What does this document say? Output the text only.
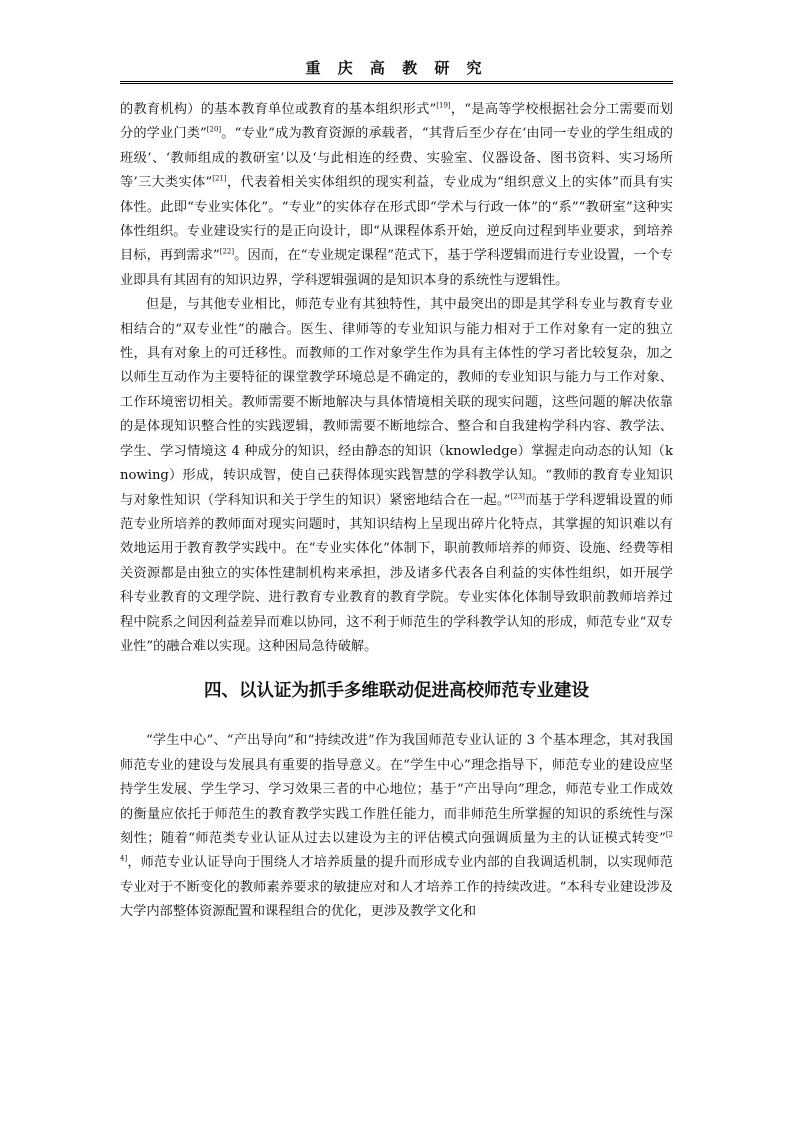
重 庆 高 教 研 究

的教育机构）的基本教育单位或教育的基本组织形式”[19]，“是高等学校根据社会分工需要而划分的学业门类”[20]。“专业”成为教育资源的承载者，“其背后至少存在‘由同一专业的学生组成的班级’、‘教师组成的教研室’以及‘与此相连的经费、实验室、仪器设备、图书资料、实习场所等’三大类实体”[21]，代表着相关实体组织的现实利益，专业成为“组织意义上的实体”而具有实体性。此即“专业实体化”。“专业”的实体存在形式即“学术与行政一体”的“系”“教研室”这种实体性组织。专业建设实行的是正向设计，即“从课程体系开始，逆反向过程到毕业要求，到培养目标，再到需求”[22]。因而，在“专业规定课程”范式下，基于学科逻辑而进行专业设置，一个专业即具有其固有的知识边界，学科逻辑强调的是知识本身的系统性与逻辑性。

但是，与其他专业相比，师范专业有其独特性，其中最突出的即是其学科专业与教育专业相结合的“双专业性”的融合。医生、律师等的专业知识与能力相对于工作对象有一定的独立性，具有对象上的可迁移性。而教师的工作对象学生作为具有主体性的学习者比较复杂，加之以师生互动作为主要特征的课堂教学环境总是不确定的，教师的专业知识与能力与工作对象、工作环境密切相关。教师需要不断地解决与具体情境相关联的现实问题，这些问题的解决依靠的是体现知识整合性的实践逻辑，教师需要不断地综合、整合和自我建构学科内容、教学法、学生、学习情境这 4 种成分的知识，经由静态的知识（knowledge）掌握走向动态的认知（knowing）形成，转识成智，使自己获得体现实践智慧的学科教学认知。“教师的教育专业知识与对象性知识（学科知识和关于学生的知识）紧密地结合在一起。”[23]而基于学科逻辑设置的师范专业所培养的教师面对现实问题时，其知识结构上呈现出碎片化特点，其掌握的知识难以有效地运用于教育教学实践中。在“专业实体化”体制下，职前教师培养的师资、设施、经费等相关资源都是由独立的实体性建制机构来承担，涉及诸多代表各自利益的实体性组织，如开展学科专业教育的文理学院、进行教育专业教育的教育学院。专业实体化体制导致职前教师培养过程中院系之间因利益差异而难以协同，这不利于师范生的学科教学认知的形成，师范专业“双专业性”的融合难以实现。这种困局急待破解。

四、以认证为抓手多维联动促进高校师范专业建设

“学生中心”、“产出导向”和“持续改进”作为我国师范专业认证的 3 个基本理念，其对我国师范专业的建设与发展具有重要的指导意义。在“学生中心”理念指导下，师范专业的建设应坚持学生发展、学生学习、学习效果三者的中心地位；基于“产出导向”理念，师范专业工作成效的衡量应依托于师范生的教育教学实践工作胜任能力，而非师范生所掌握的知识的系统性与深刻性；随着“师范类专业认证从过去以建设为主的评估模式向强调质量为主的认证模式转变”[24]，师范专业认证导向于围绕人才培养质量的提升而形成专业内部的自我调适机制，以实现师范专业对于不断变化的教师素养要求的敏捷应对和人才培养工作的持续改进。“本科专业建设涉及大学内部整体资源配置和课程组合的优化，更涉及教学文化和
